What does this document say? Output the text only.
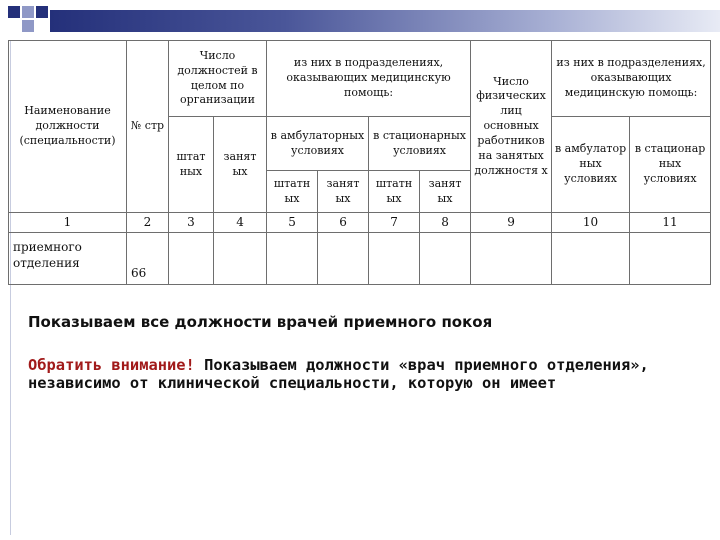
Наименование должности (специальности)	№ стр	Число должностей в целом по организации		из них в подразделениях, оказывающих медицинскую помощь:				Число физических лиц основных работников на занятых должностя х	из них в подразделениях, оказывающих медицинскую помощь:	
		штат ных	занят ых	в амбулаторных условиях		в стационарных условиях			в амбулатор ных условиях	в стационар ных условиях
				штатн ых	занят ых	штатн ых	занят ых			
1	2	3	4	5	6	7	8	9	10	11
приемного отделения	66									

Показываем все должности врачей приемного покоя

Обратить внимание! Показываем должности «врач приемного отделения», независимо от клинической специальности, которую он имеет
